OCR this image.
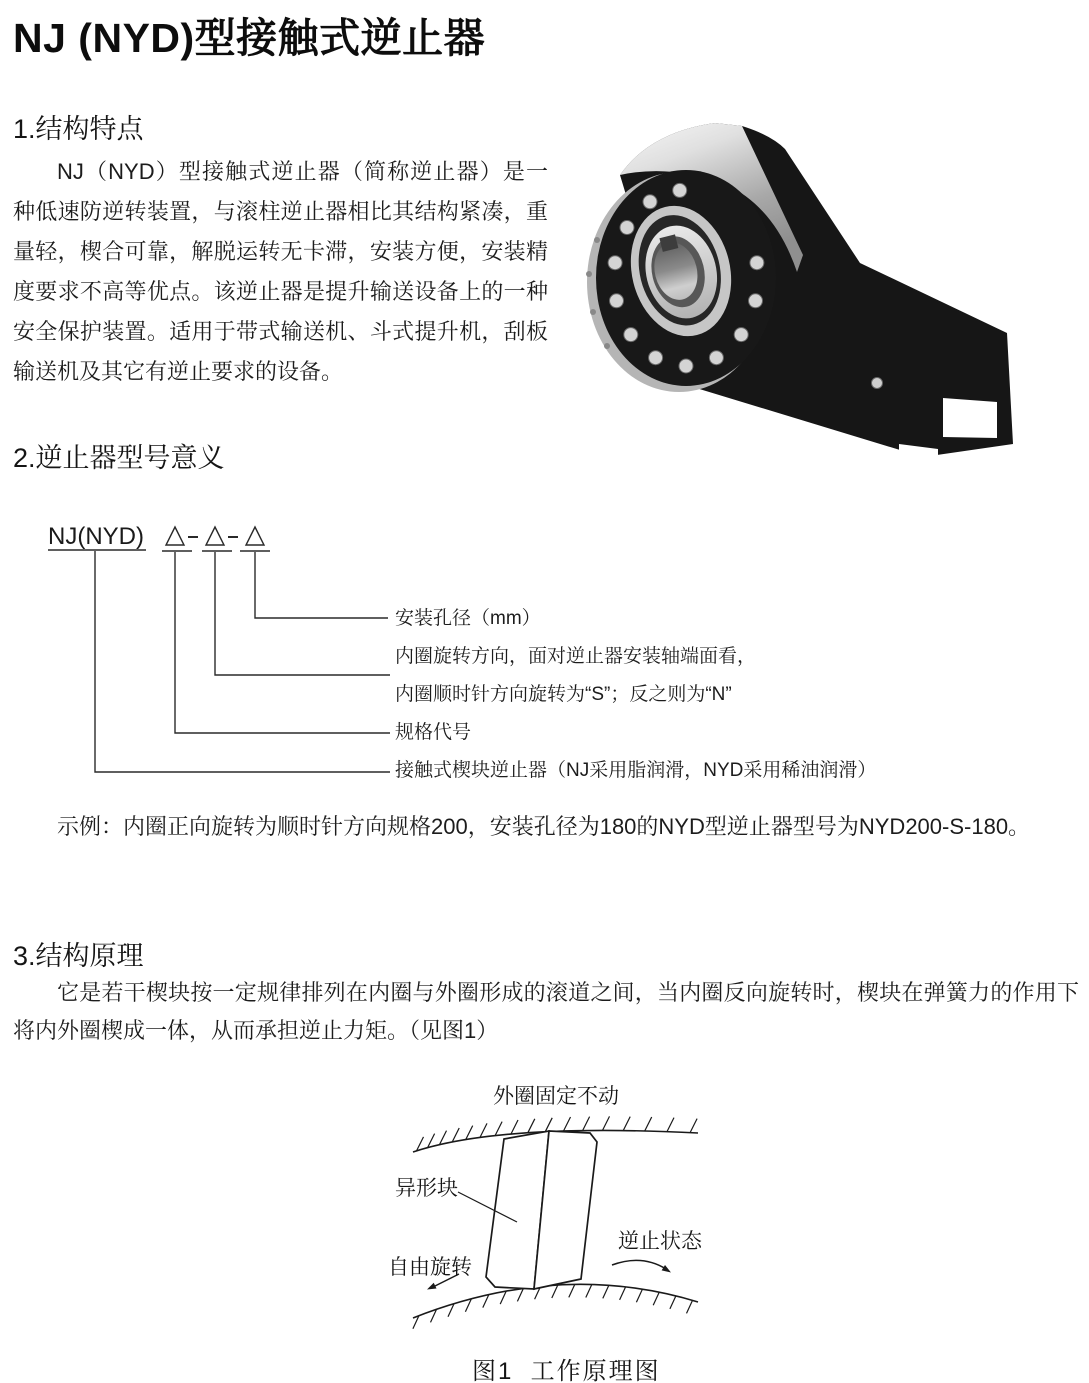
NJ (NYD)型接触式逆止器
1.结构特点

NJ（NYD）型接触式逆止器（简称逆止器）是一种低速防逆转装置，与滚柱逆止器相比其结构紧凑，重量轻，楔合可靠，解脱运转无卡滞，安装方便，安装精度要求不高等优点。该逆止器是提升输送设备上的一种安全保护装置。适用于带式输送机、斗式提升机，刮板输送机及其它有逆止要求的设备。

2.逆止器型号意义
NJ(NYD)
安装孔径（mm）
内圈旋转方向，面对逆止器安装轴端面看，
内圈顺时针方向旋转为“S”；反之则为“N”
规格代号
接触式楔块逆止器（NJ采用脂润滑，NYD采用稀油润滑）

示例：内圈正向旋转为顺时针方向规格200，安装孔径为180的NYD型逆止器型号为NYD200-S-180。

3.结构原理

它是若干楔块按一定规律排列在内圈与外圈形成的滚道之间，当内圈反向旋转时，楔块在弹簧力的作用下将内外圈楔成一体，从而承担逆止力矩。（见图1）

外圈固定不动
异形块
自由旋转
逆止状态
图1  工作原理图
